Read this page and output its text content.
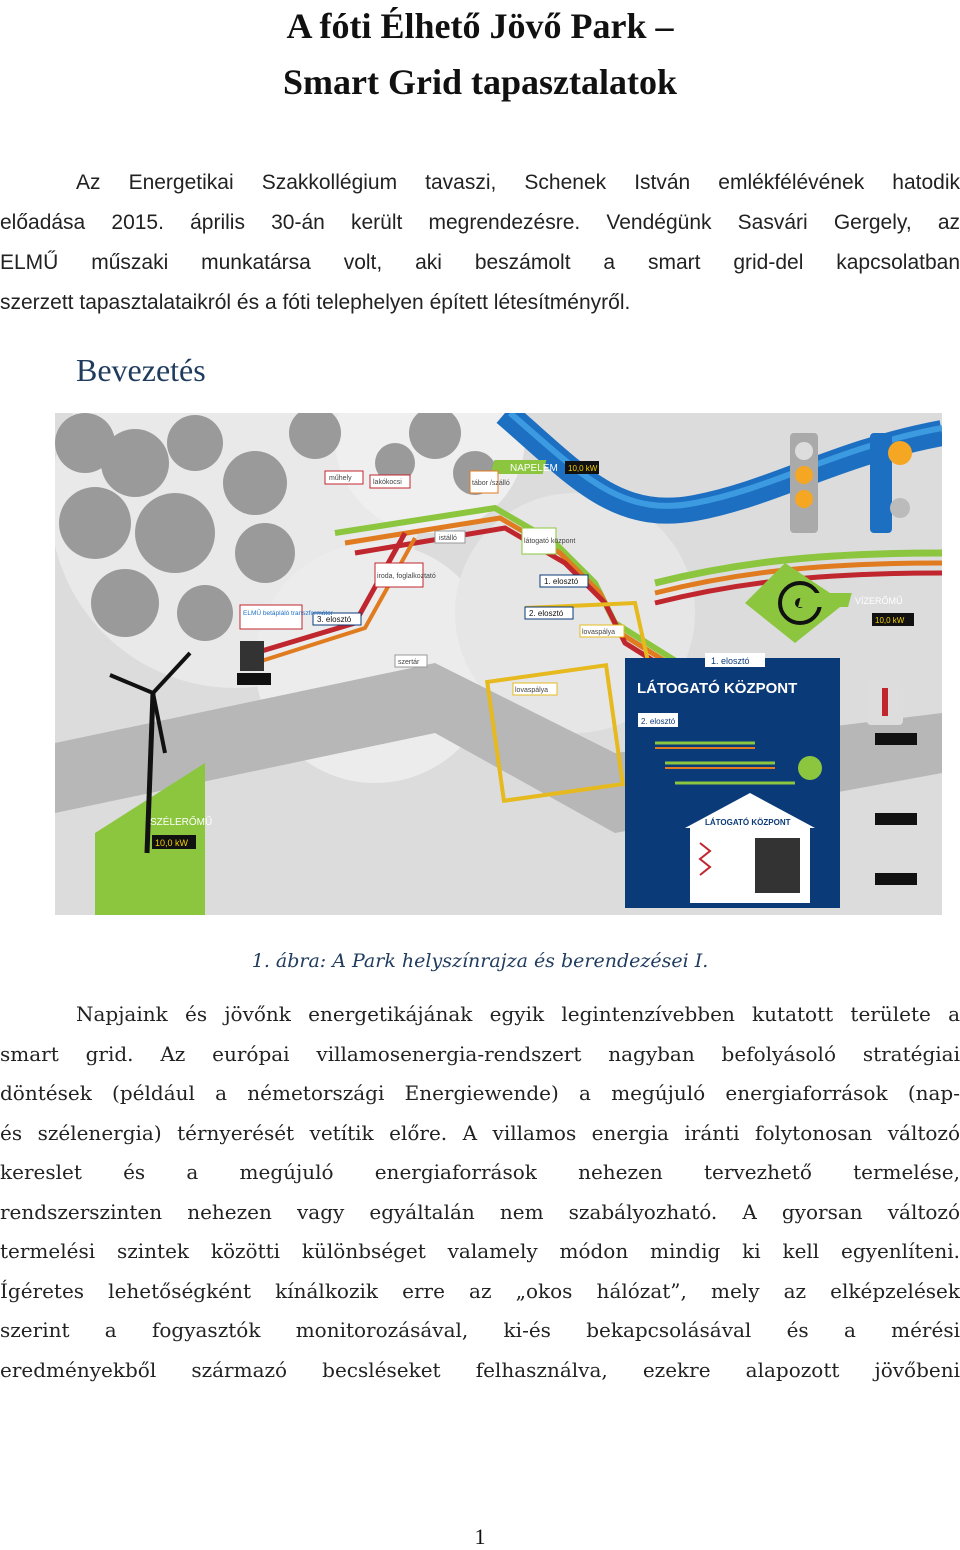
A fóti Élhető Jövő Park –
Smart Grid tapasztalatok
Az Energetikai Szakkollégium tavaszi, Schenek István emlékfélévének hatodik
előadása 2015. április 30-án került megrendezésre. Vendégünk Sasvári Gergely, az
ELMŰ műszaki munkatársa volt, aki beszámolt a smart grid-del kapcsolatban
szerzett tapasztalataikról és a fóti telephelyen épített létesítményről.
Bevezetés
NAPELEM 10,0 kW
műhely
lakókocsi	tábor /szálló
istálló
iroda, foglalkoztató
szertár
lovaspálya
lovaspálya
látogató központ
1. elosztó
2. elosztó
3. elosztó
ELMŰ betápláló transzformátor
SZÉLERŐMŰ
10,0 kW
VÍZERŐMŰ
10,0 kW
1. elosztó
LÁTOGATÓ KÖZPONT
2. elosztó
LÁTOGATÓ KÖZPONT
1. ábra: A Park helyszínrajza és berendezései I.
Napjaink és jövőnk energetikájának egyik legintenzívebben kutatott területe a
smart grid. Az európai villamosenergia-rendszert nagyban befolyásoló stratégiai
döntések (például a németországi Energiewende) a megújuló energiaforrások (nap-
és szélenergia) térnyerését vetítik előre. A villamos energia iránti folytonosan változó
kereslet és a megújuló energiaforrások nehezen tervezhető termelése,
rendszerszinten nehezen vagy egyáltalán nem szabályozható. A gyorsan változó
termelési szintek közötti különbséget valamely módon mindig ki kell egyenlíteni.
Ígéretes lehetőségként kínálkozik erre az „okos hálózat”, mely az elképzelések
szerint a fogyasztók monitorozásával, ki-és bekapcsolásával és a mérési
eredményekből származó becsléseket felhasználva, ezekre alapozott jövőbeni
1
